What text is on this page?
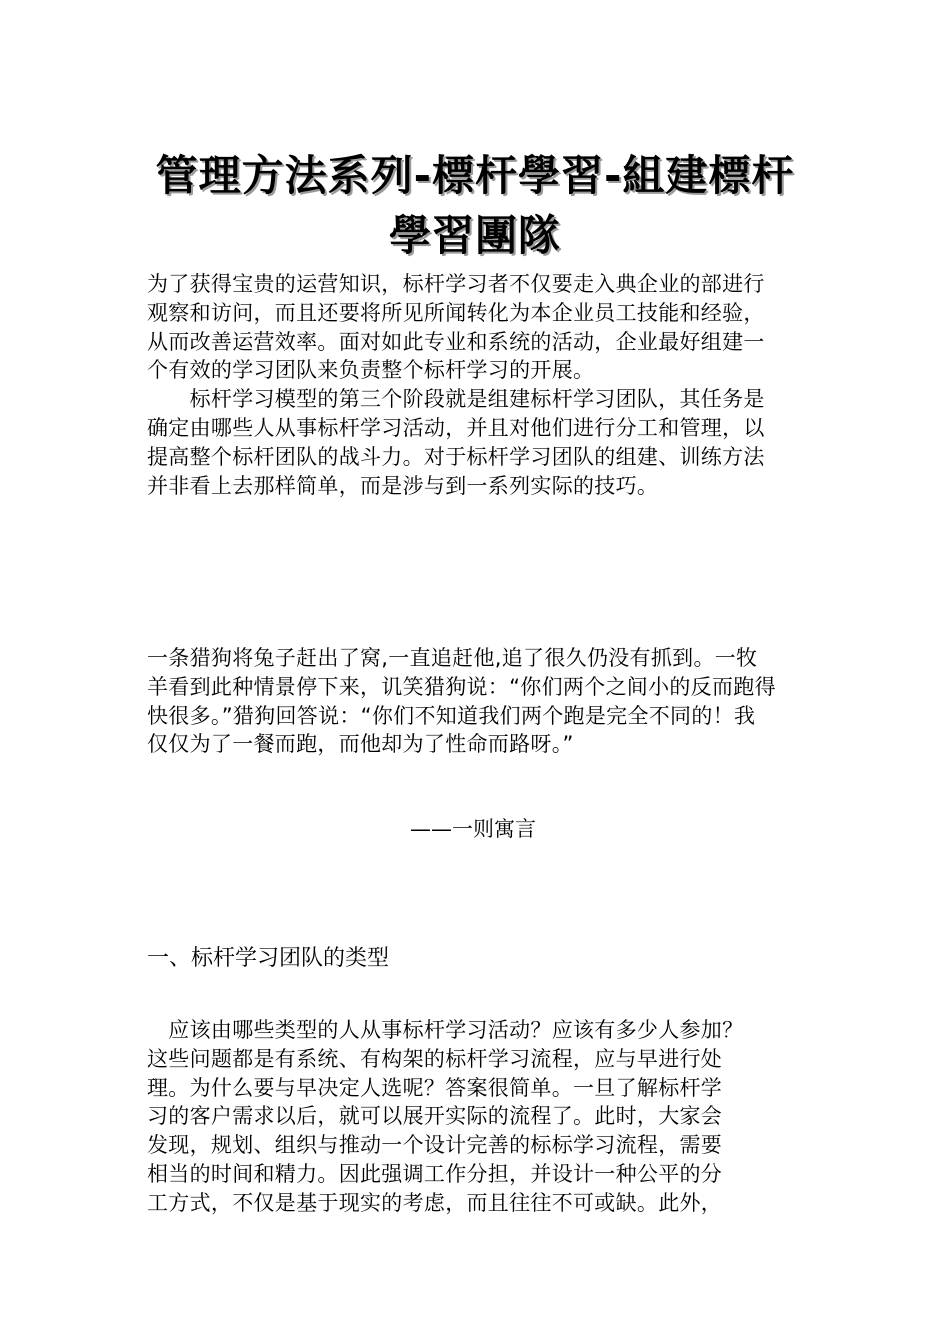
管理方法系列-標杆學習-組建標杆
學習團隊

为了获得宝贵的运营知识，标杆学习者不仅要走入典企业的部进行
观察和访问，而且还要将所见所闻转化为本企业员工技能和经验，
从而改善运营效率。面对如此专业和系统的活动，企业最好组建一
个有效的学习团队来负责整个标杆学习的开展。
　　标杆学习模型的第三个阶段就是组建标杆学习团队，其任务是
确定由哪些人从事标杆学习活动，并且对他们进行分工和管理，以
提高整个标杆团队的战斗力。对于标杆学习团队的组建、训练方法
并非看上去那样简单，而是涉与到一系列实际的技巧。

一条猎狗将兔子赶出了窝,一直追赶他,追了很久仍没有抓到。一牧
羊看到此种情景停下来，讥笑猎狗说：“你们两个之间小的反而跑得
快很多。”猎狗回答说：“你们不知道我们两个跑是完全不同的！我
仅仅为了一餐而跑，而他却为了性命而路呀。”

——一则寓言
一、标杆学习团队的类型

　应该由哪些类型的人从事标杆学习活动？应该有多少人参加？
这些问题都是有系统、有构架的标杆学习流程，应与早进行处
理。为什么要与早决定人选呢？答案很简单。一旦了解标杆学
习的客户需求以后，就可以展开实际的流程了。此时，大家会
发现，规划、组织与推动一个设计完善的标标学习流程，需要
相当的时间和精力。因此强调工作分担，并设计一种公平的分
工方式，不仅是基于现实的考虑，而且往往不可或缺。此外，
